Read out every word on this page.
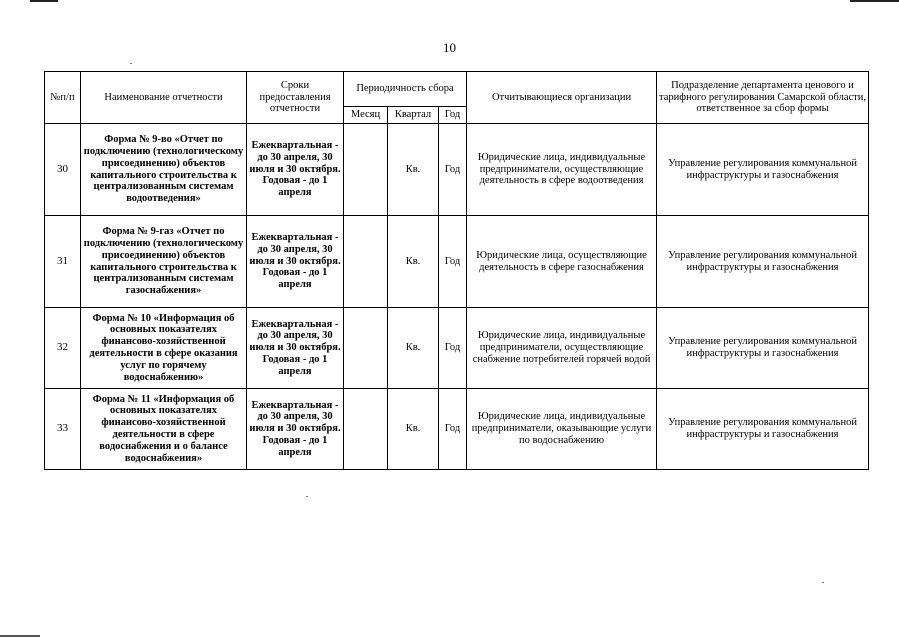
10
№п/п	Наименование отчетности	Сроки предоставления отчетности	Периодичность сбора			Отчитывающиеся организации	Подразделение департамента ценового и тарифного регулирования Самарской области, ответственное за сбор формы
			Месяц	Квартал	Год		
30	Форма № 9-во «Отчет по подключению (технологическому присоединению) объектов капитального строительства к централизованным системам водоотведения»	Ежеквартальная - до 30 апреля, 30 июля и 30 октября. Годовая - до 1 апреля		Кв.	Год	Юридические лица, индивидуальные предприниматели, осуществляющие деятельность в сфере водоотведения	Управление регулирования коммунальной инфраструктуры и газоснабжения
31	Форма № 9-газ «Отчет по подключению (технологическому присоединению) объектов капитального строительства к централизованным системам газоснабжения»	Ежеквартальная - до 30 апреля, 30 июля и 30 октября. Годовая - до 1 апреля		Кв.	Год	Юридические лица, осуществляющие деятельность в сфере газоснабжения	Управление регулирования коммунальной инфраструктуры и газоснабжения
32	Форма № 10 «Информация об основных показателях финансово-хозяйственной деятельности в сфере оказания услуг по горячему водоснабжению»	Ежеквартальная - до 30 апреля, 30 июля и 30 октября. Годовая - до 1 апреля		Кв.	Год	Юридические лица, индивидуальные предприниматели, осуществляющие снабжение потребителей горячей водой	Управление регулирования коммунальной инфраструктуры и газоснабжения
33	Форма № 11 «Информация об основных показателях финансово-хозяйственной деятельности в сфере водоснабжения и о балансе водоснабжения»	Ежеквартальная - до 30 апреля, 30 июля и 30 октября. Годовая - до 1 апреля		Кв.	Год	Юридические лица, индивидуальные предприниматели, оказывающие услуги по водоснабжению	Управление регулирования коммунальной инфраструктуры и газоснабжения
